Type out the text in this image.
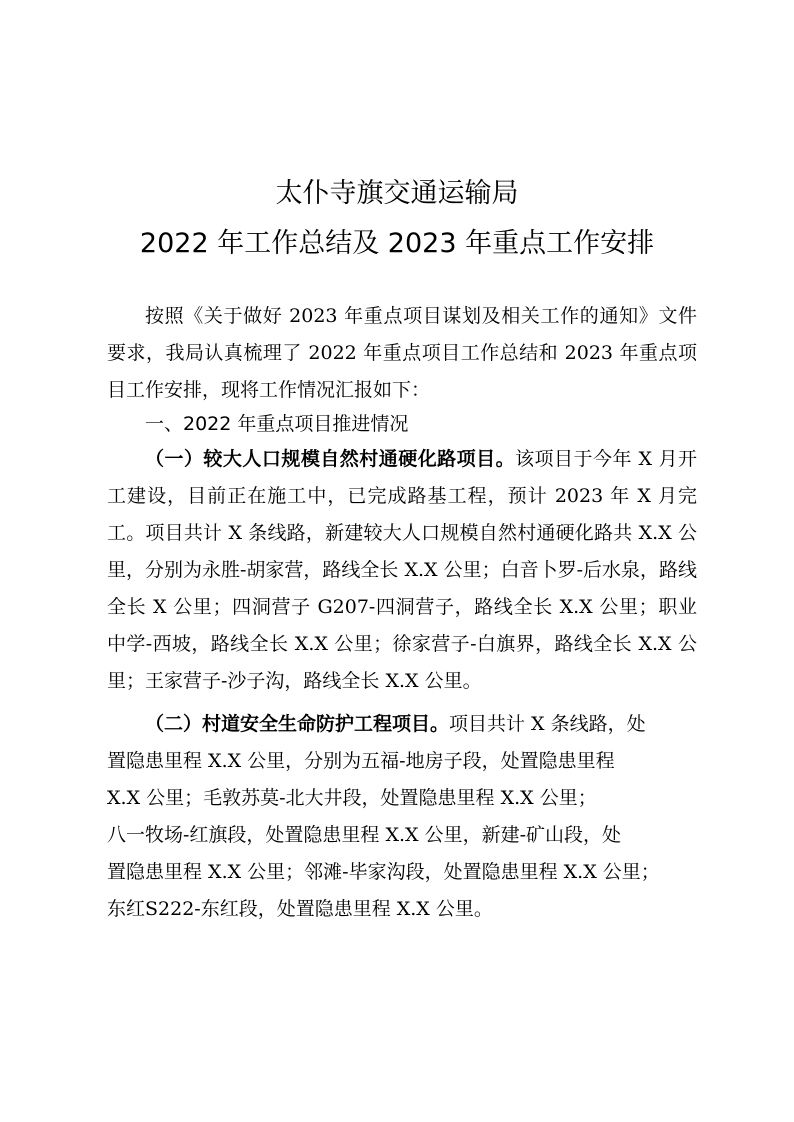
太仆寺旗交通运输局
2022 年工作总结及 2023 年重点工作安排

按照《关于做好 2023 年重点项目谋划及相关工作的通知》文件要求，我局认真梳理了 2022 年重点项目工作总结和 2023 年重点项目工作安排，现将工作情况汇报如下：

一、2022 年重点项目推进情况

（一）较大人口规模自然村通硬化路项目。该项目于今年 X 月开工建设，目前正在施工中，已完成路基工程，预计 2023 年 X 月完工。项目共计 X 条线路，新建较大人口规模自然村通硬化路共 X.X 公里，分别为永胜-胡家营，路线全长 X.X 公里；白音卜罗-后水泉，路线全长 X 公里；四洞营子 G207-四洞营子，路线全长 X.X 公里；职业中学-西坡，路线全长 X.X 公里；徐家营子-白旗界，路线全长 X.X 公里；王家营子-沙子沟，路线全长 X.X 公里。

（二）村道安全生命防护工程项目。项目共计 X 条线路，处
置隐患里程 X.X 公里，分别为五福-地房子段，处置隐患里程
X.X 公里；毛敦苏莫-北大井段，处置隐患里程 X.X 公里；
八一牧场-红旗段，处置隐患里程 X.X 公里，新建-矿山段，处
置隐患里程 X.X 公里；邻滩-毕家沟段，处置隐患里程 X.X 公里；
东红S222-东红段，处置隐患里程 X.X 公里。
